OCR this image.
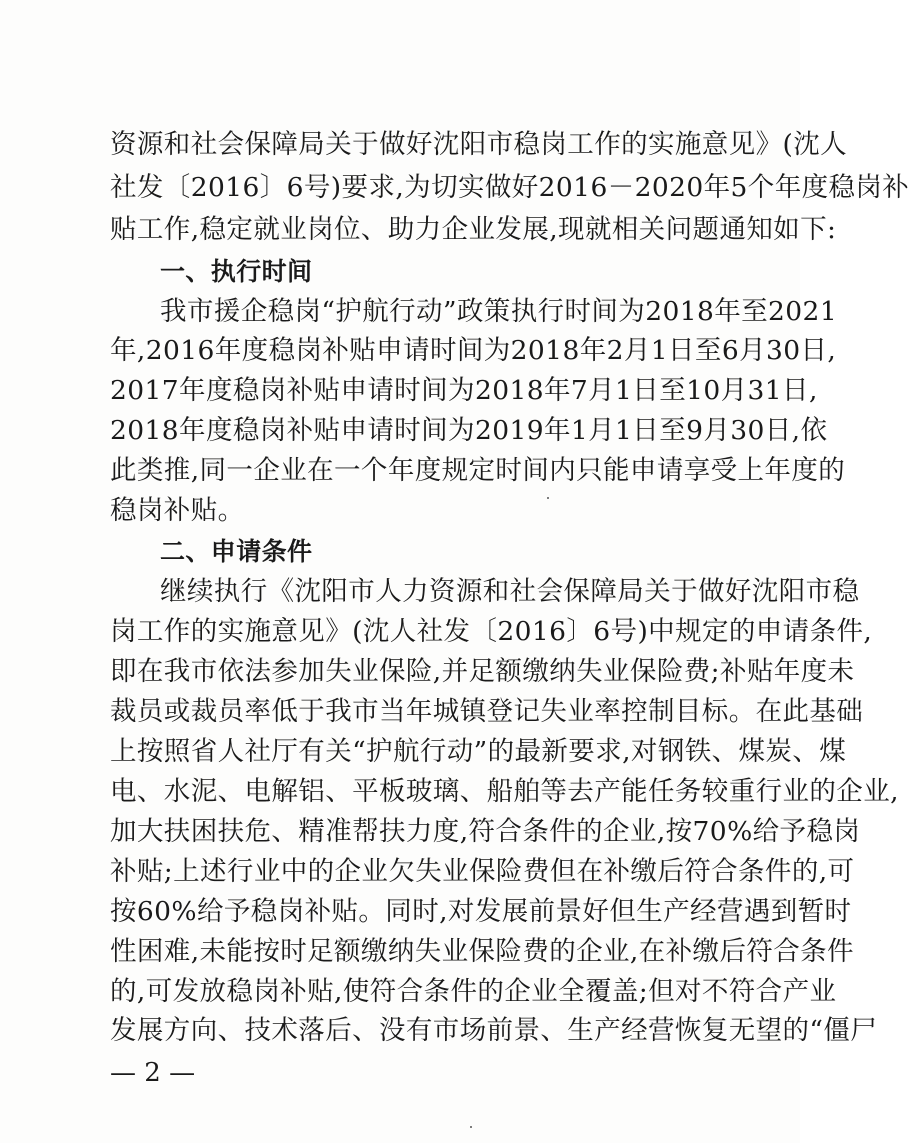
资源和社会保障局关于做好沈阳市稳岗工作的实施意见》(沈人
社发〔2016〕6号)要求,为切实做好2016－2020年5个年度稳岗补
贴工作,稳定就业岗位、助力企业发展,现就相关问题通知如下:
一、执行时间
我市援企稳岗“护航行动”政策执行时间为2018年至2021
年,2016年度稳岗补贴申请时间为2018年2月1日至6月30日,
2017年度稳岗补贴申请时间为2018年7月1日至10月31日,
2018年度稳岗补贴申请时间为2019年1月1日至9月30日,依
此类推,同一企业在一个年度规定时间内只能申请享受上年度的
稳岗补贴。
二、申请条件
继续执行《沈阳市人力资源和社会保障局关于做好沈阳市稳
岗工作的实施意见》(沈人社发〔2016〕6号)中规定的申请条件,
即在我市依法参加失业保险,并足额缴纳失业保险费;补贴年度未
裁员或裁员率低于我市当年城镇登记失业率控制目标。在此基础
上按照省人社厅有关“护航行动”的最新要求,对钢铁、煤炭、煤
电、水泥、电解铝、平板玻璃、船舶等去产能任务较重行业的企业,
加大扶困扶危、精准帮扶力度,符合条件的企业,按70%给予稳岗
补贴;上述行业中的企业欠失业保险费但在补缴后符合条件的,可
按60%给予稳岗补贴。同时,对发展前景好但生产经营遇到暂时
性困难,未能按时足额缴纳失业保险费的企业,在补缴后符合条件
的,可发放稳岗补贴,使符合条件的企业全覆盖;但对不符合产业
发展方向、技术落后、没有市场前景、生产经营恢复无望的“僵尸
— 2 —
